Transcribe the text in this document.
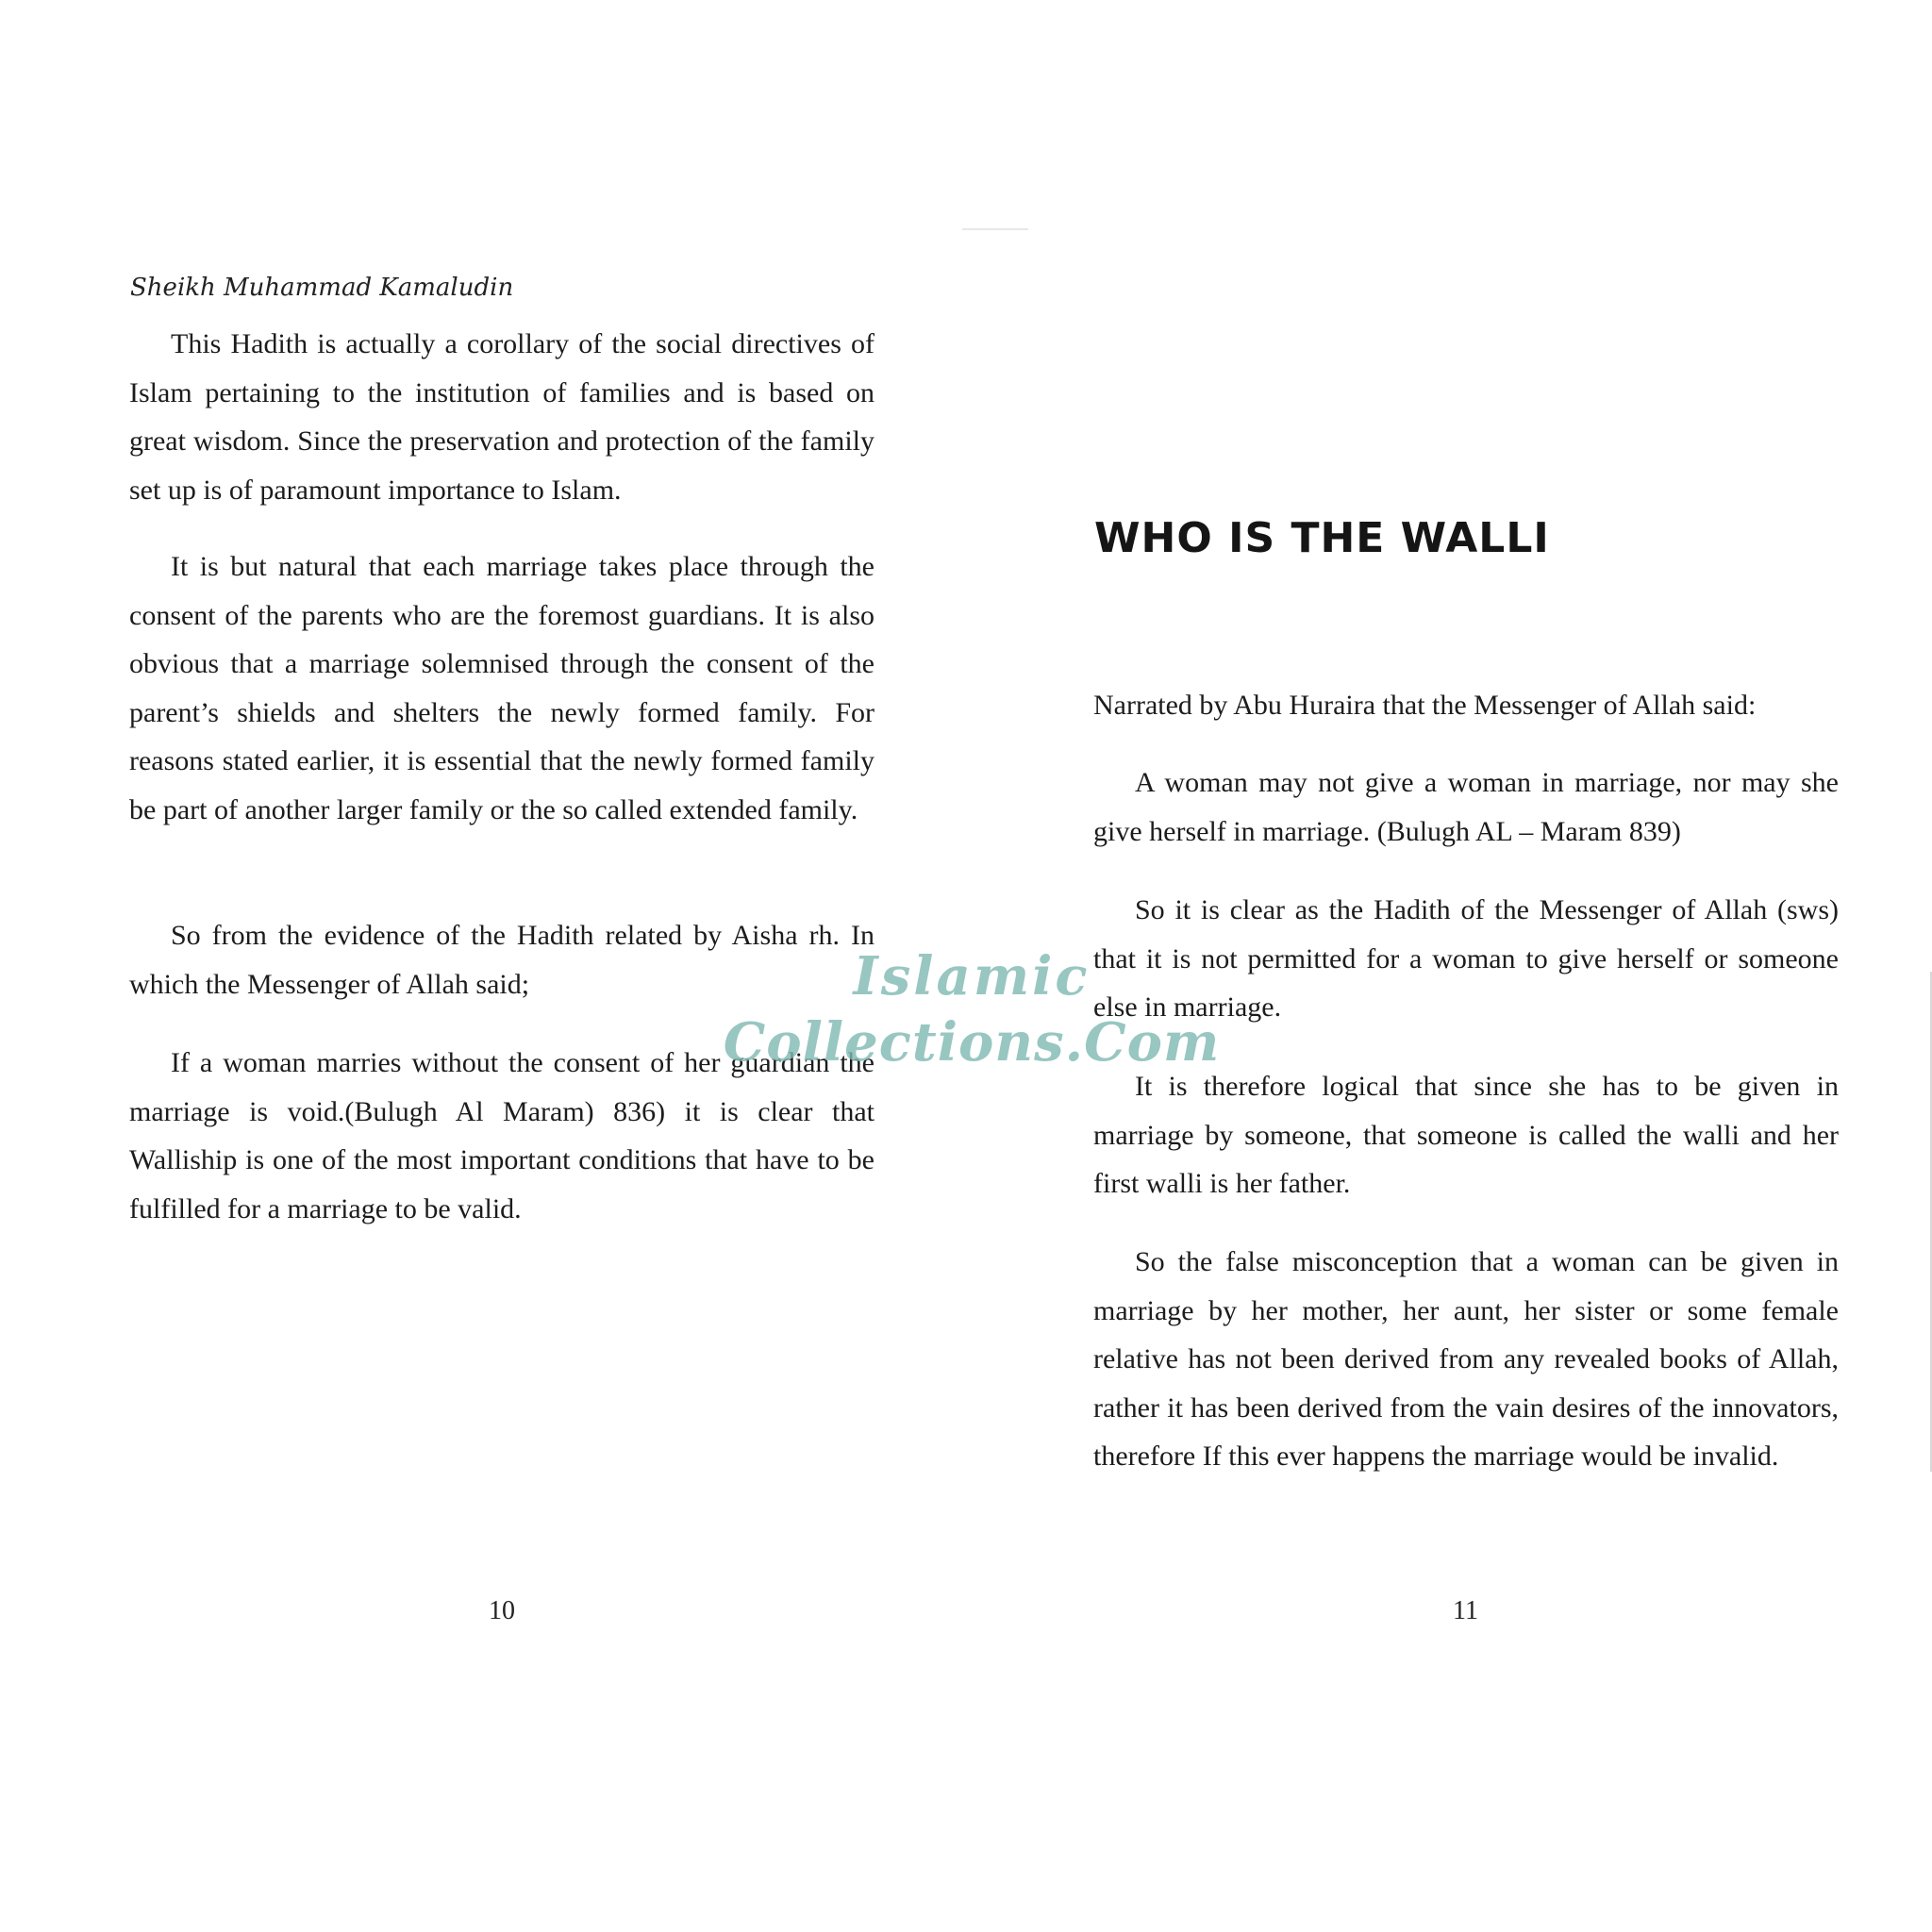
Sheikh Muhammad Kamaludin

This Hadith is actually a corollary of the social directives of Islam pertaining to the institution of families and is based on great wisdom. Since the preservation and protection of the family set up is of paramount importance to Islam.

It is but natural that each marriage takes place through the consent of the parents who are the foremost guardians. It is also obvious that a marriage solemnised through the consent of the parent’s shields and shelters the newly formed family. For reasons stated earlier, it is essential that the newly formed family be part of another larger family or the so called extended family.

So from the evidence of the Hadith related by Aisha rh. In which the Messenger of Allah said;

If a woman marries without the consent of her guardian the marriage is void.(Bulugh Al Maram) 836) it is clear that Walliship is one of the most important conditions that have to be fulfilled for a marriage to be valid.

10
WHO IS THE WALLI

Narrated by Abu Huraira that the Messenger of Allah said:

A woman may not give a woman in marriage, nor may she give herself in marriage. (Bulugh AL – Maram 839)

So it is clear as the Hadith of the Messenger of Allah (sws) that it is not permitted for a woman to give herself or someone else in marriage.

It is therefore logical that since she has to be given in marriage by someone, that someone is called the walli and her first walli is her father.

So the false misconception that a woman can be given in marriage by her mother, her aunt, her sister or some female relative has not been derived from any revealed books of Allah, rather it has been derived from the vain desires of the innovators, therefore If this ever happens the marriage would be invalid.

11
Islamic
Collections.Com
